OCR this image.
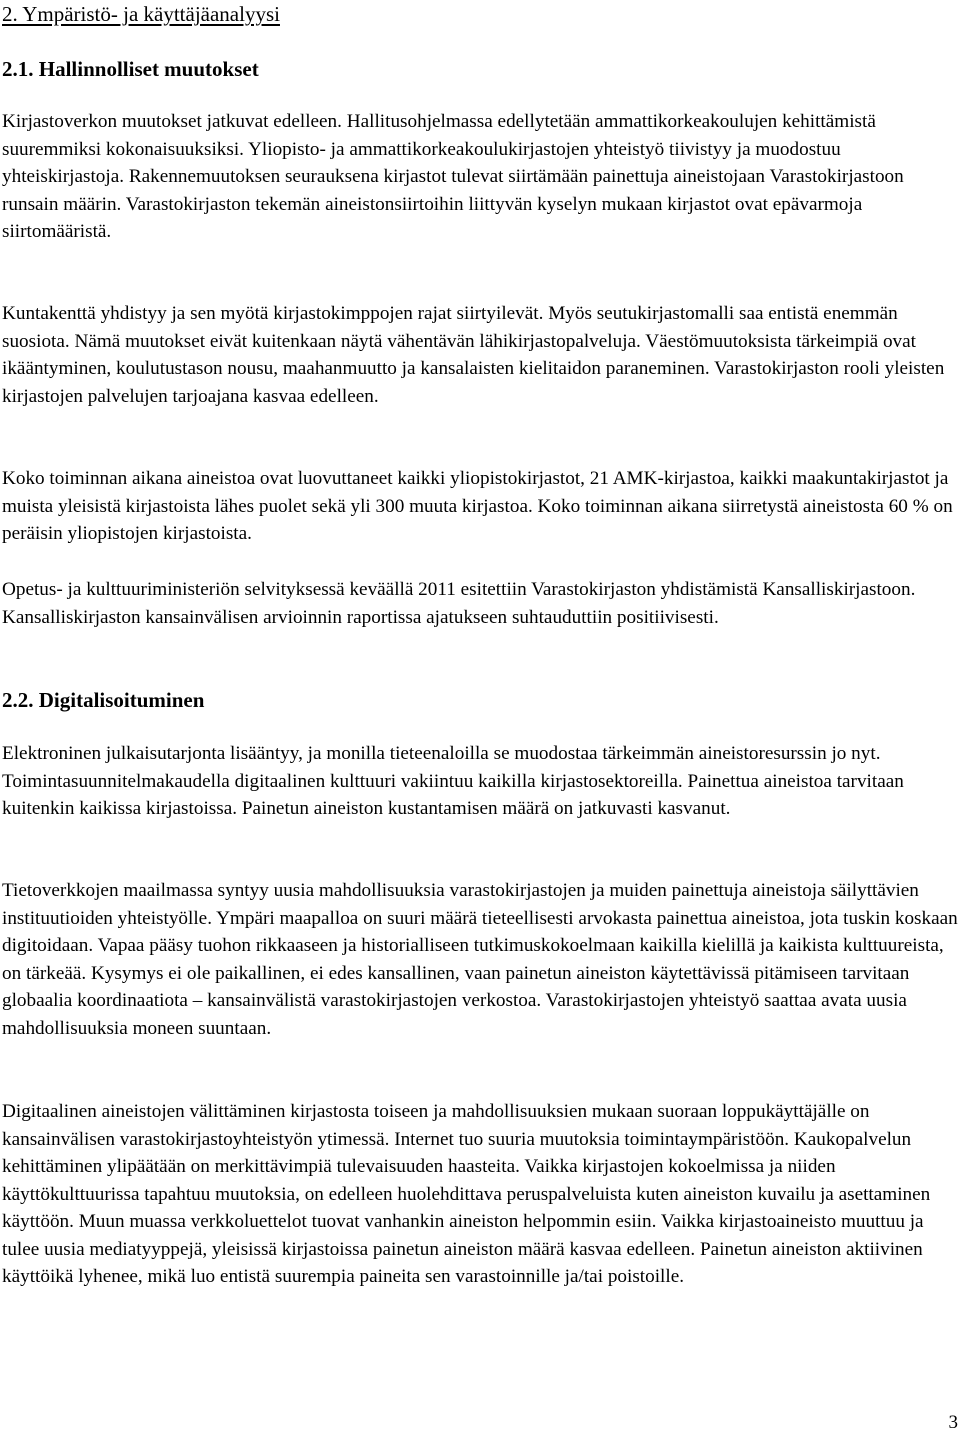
2. Ympäristö- ja käyttäjäanalyysi
2.1. Hallinnolliset muutokset

Kirjastoverkon muutokset jatkuvat edelleen. Hallitusohjelmassa edellytetään ammattikorkeakoulujen kehittämistä suuremmiksi kokonaisuuksiksi. Yliopisto- ja ammattikorkeakoulukirjastojen yhteistyö tiivistyy ja muodostuu yhteiskirjastoja. Rakennemuutoksen seurauksena kirjastot tulevat siirtämään painettuja aineistojaan Varastokirjastoon runsain määrin. Varastokirjaston tekemän aineistonsiirtoihin liittyvän kyselyn mukaan kirjastot ovat epävarmoja siirtomääristä.

Kuntakenttä yhdistyy ja sen myötä kirjastokimppojen rajat siirtyilevät. Myös seutukirjastomalli saa entistä enemmän suosiota. Nämä muutokset eivät kuitenkaan näytä vähentävän lähikirjastopalveluja. Väestömuutoksista tärkeimpiä ovat ikääntyminen, koulutustason nousu, maahanmuutto ja kansalaisten kielitaidon paraneminen. Varastokirjaston rooli yleisten kirjastojen palvelujen tarjoajana kasvaa edelleen.

Koko toiminnan aikana aineistoa ovat luovuttaneet kaikki yliopistokirjastot, 21 AMK-kirjastoa, kaikki maakuntakirjastot ja muista yleisistä kirjastoista lähes puolet sekä yli 300 muuta kirjastoa. Koko toiminnan aikana siirretystä aineistosta 60 % on peräisin yliopistojen kirjastoista.

Opetus- ja kulttuuriministeriön selvityksessä keväällä 2011 esitettiin Varastokirjaston yhdistämistä Kansalliskirjastoon. Kansalliskirjaston kansainvälisen arvioinnin raportissa ajatukseen suhtauduttiin positiivisesti.

2.2. Digitalisoituminen

Elektroninen julkaisutarjonta lisääntyy, ja monilla tieteenaloilla se muodostaa tärkeimmän aineistoresurssin jo nyt. Toimintasuunnitelmakaudella digitaalinen kulttuuri vakiintuu kaikilla kirjastosektoreilla. Painettua aineistoa tarvitaan kuitenkin kaikissa kirjastoissa. Painetun aineiston kustantamisen määrä on jatkuvasti kasvanut.

Tietoverkkojen maailmassa syntyy uusia mahdollisuuksia varastokirjastojen ja muiden painettuja aineistoja säilyttävien instituutioiden yhteistyölle. Ympäri maapalloa on suuri määrä tieteellisesti arvokasta painettua aineistoa, jota tuskin koskaan digitoidaan. Vapaa pääsy tuohon rikkaaseen ja historialliseen tutkimuskokoelmaan kaikilla kielillä ja kaikista kulttuureista, on tärkeää. Kysymys ei ole paikallinen, ei edes kansallinen, vaan painetun aineiston käytettävissä pitämiseen tarvitaan globaalia koordinaatiota – kansainvälistä varastokirjastojen verkostoa. Varastokirjastojen yhteistyö saattaa avata uusia mahdollisuuksia moneen suuntaan.

Digitaalinen aineistojen välittäminen kirjastosta toiseen ja mahdollisuuksien mukaan suoraan loppukäyttäjälle on kansainvälisen varastokirjastoyhteistyön ytimessä. Internet tuo suuria muutoksia toimintaympäristöön. Kaukopalvelun kehittäminen ylipäätään on merkittävimpiä tulevaisuuden haasteita. Vaikka kirjastojen kokoelmissa ja niiden käyttökulttuurissa tapahtuu muutoksia, on edelleen huolehdittava peruspalveluista kuten aineiston kuvailu ja asettaminen käyttöön. Muun muassa verkkoluettelot tuovat vanhankin aineiston helpommin esiin. Vaikka kirjastoaineisto muuttuu ja tulee uusia mediatyyppejä, yleisissä kirjastoissa painetun aineiston määrä kasvaa edelleen. Painetun aineiston aktiivinen käyttöikä lyhenee, mikä luo entistä suurempia paineita sen varastoinnille ja/tai poistoille.

3
